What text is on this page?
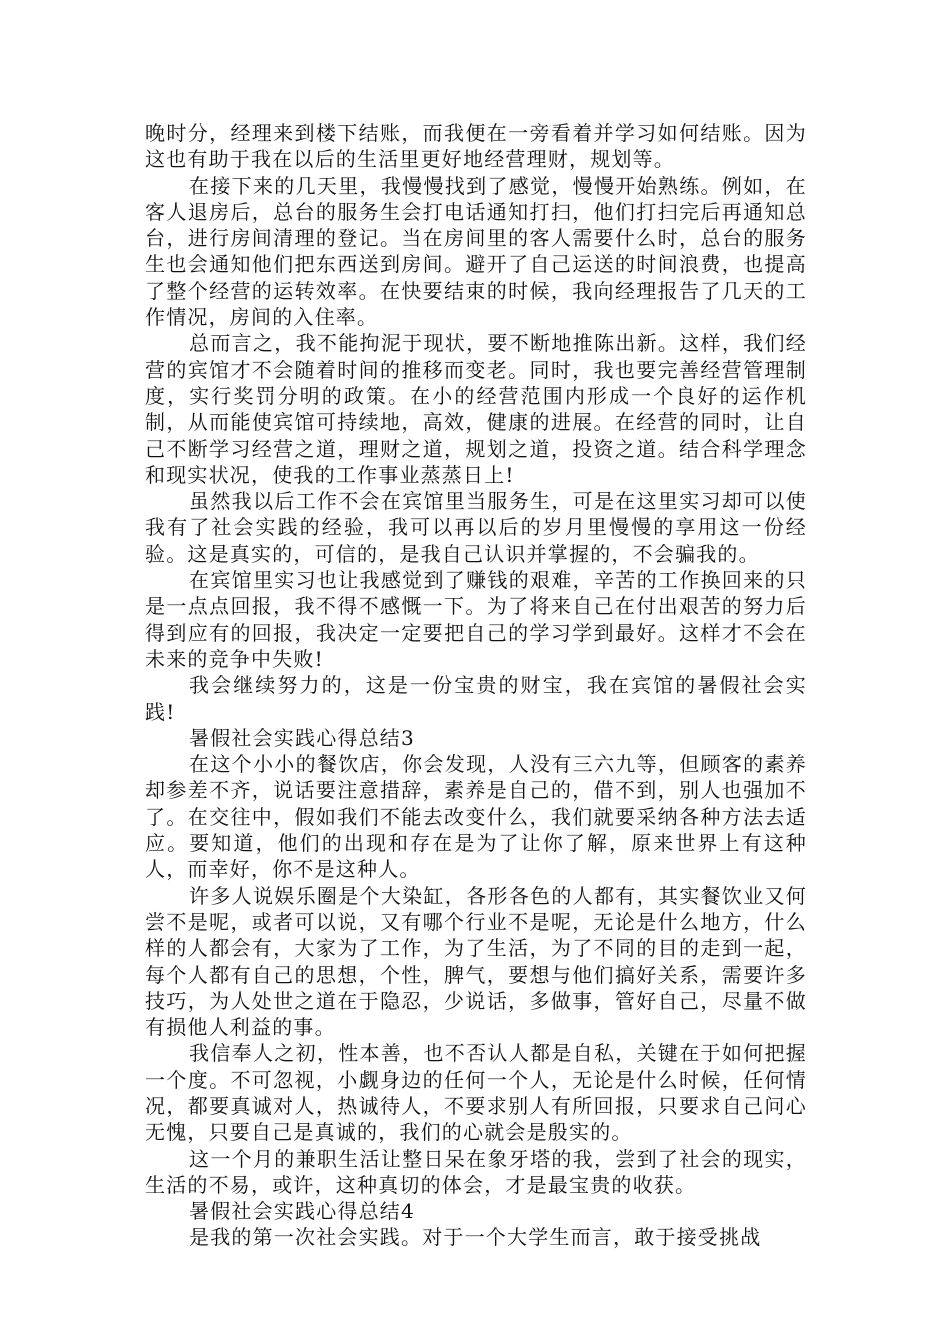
晚时分，经理来到楼下结账，而我便在一旁看着并学习如何结账。因为这也有助于我在以后的生活里更好地经营理财，规划等。

在接下来的几天里，我慢慢找到了感觉，慢慢开始熟练。例如，在客人退房后，总台的服务生会打电话通知打扫，他们打扫完后再通知总台，进行房间清理的登记。当在房间里的客人需要什么时，总台的服务生也会通知他们把东西送到房间。避开了自己运送的时间浪费，也提高了整个经营的运转效率。在快要结束的时候，我向经理报告了几天的工作情况，房间的入住率。

总而言之，我不能拘泥于现状，要不断地推陈出新。这样，我们经营的宾馆才不会随着时间的推移而变老。同时，我也要完善经营管理制度，实行奖罚分明的政策。在小的经营范围内形成一个良好的运作机制，从而能使宾馆可持续地，高效，健康的进展。在经营的同时，让自己不断学习经营之道，理财之道，规划之道，投资之道。结合科学理念和现实状况，使我的工作事业蒸蒸日上!

虽然我以后工作不会在宾馆里当服务生，可是在这里实习却可以使我有了社会实践的经验，我可以再以后的岁月里慢慢的享用这一份经验。这是真实的，可信的，是我自己认识并掌握的，不会骗我的。

在宾馆里实习也让我感觉到了赚钱的艰难，辛苦的工作换回来的只是一点点回报，我不得不感慨一下。为了将来自己在付出艰苦的努力后得到应有的回报，我决定一定要把自己的学习学到最好。这样才不会在未来的竞争中失败!

我会继续努力的，这是一份宝贵的财宝，我在宾馆的暑假社会实践!

暑假社会实践心得总结3

在这个小小的餐饮店，你会发现，人没有三六九等，但顾客的素养却参差不齐，说话要注意措辞，素养是自己的，借不到，别人也强加不了。在交往中，假如我们不能去改变什么，我们就要采纳各种方法去适应。要知道，他们的出现和存在是为了让你了解，原来世界上有这种人，而幸好，你不是这种人。

许多人说娱乐圈是个大染缸，各形各色的人都有，其实餐饮业又何尝不是呢，或者可以说，又有哪个行业不是呢，无论是什么地方，什么样的人都会有，大家为了工作，为了生活，为了不同的目的走到一起，每个人都有自己的思想，个性，脾气，要想与他们搞好关系，需要许多技巧，为人处世之道在于隐忍，少说话，多做事，管好自己，尽量不做有损他人利益的事。

我信奉人之初，性本善，也不否认人都是自私，关键在于如何把握一个度。不可忽视，小觑身边的任何一个人，无论是什么时候，任何情况，都要真诚对人，热诚待人，不要求别人有所回报，只要求自己问心无愧，只要自己是真诚的，我们的心就会是殷实的。

这一个月的兼职生活让整日呆在象牙塔的我，尝到了社会的现实，生活的不易，或许，这种真切的体会，才是最宝贵的收获。

暑假社会实践心得总结4

是我的第一次社会实践。对于一个大学生而言，敢于接受挑战
